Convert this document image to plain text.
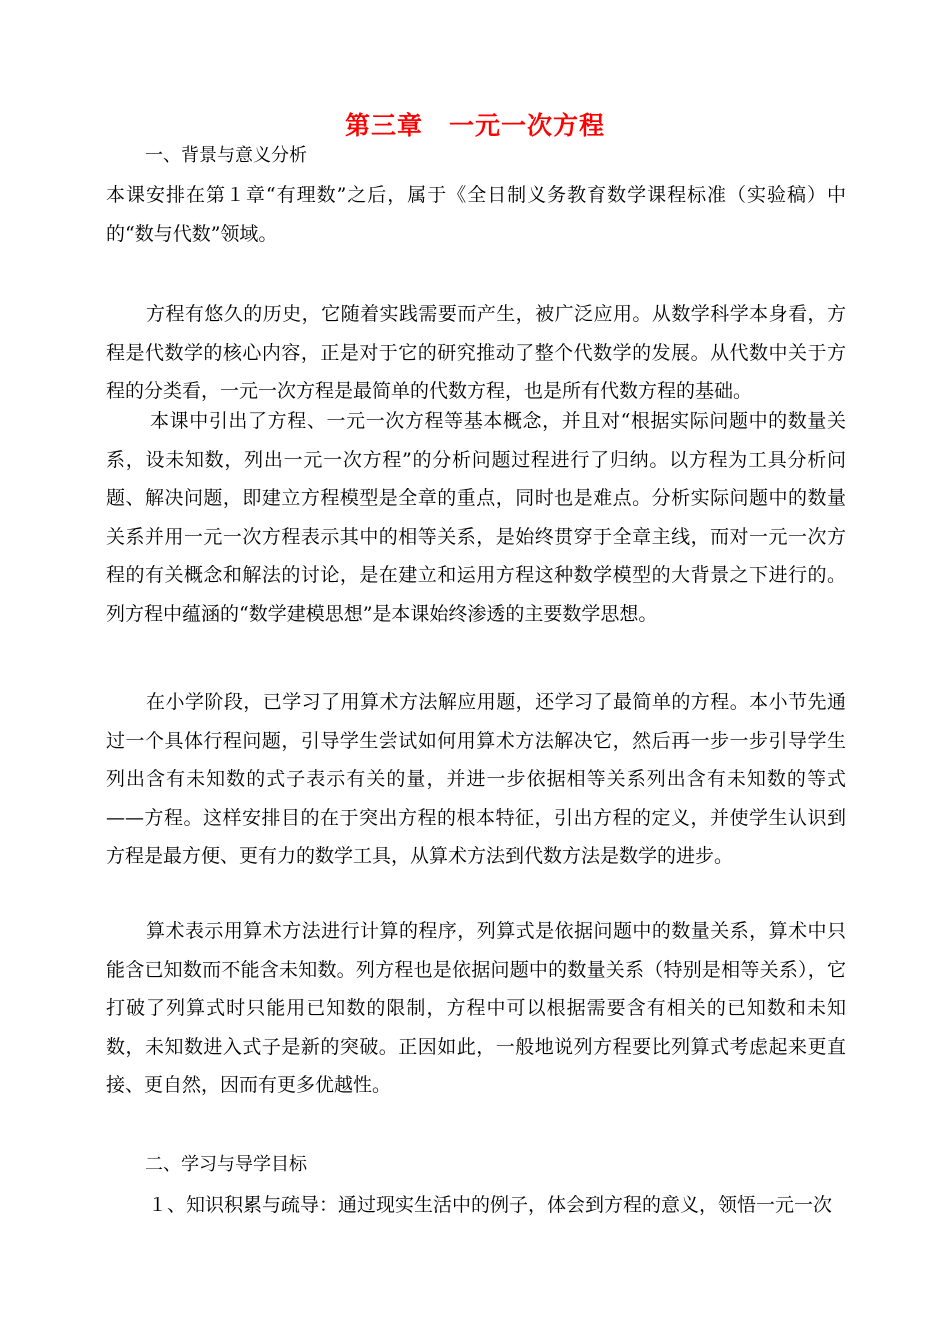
第三章 一元一次方程
一、背景与意义分析
本课安排在第１章“有理数”之后，属于《全日制义务教育数学课程标准（实验稿）中的“数与代数”领域。
方程有悠久的历史，它随着实践需要而产生，被广泛应用。从数学科学本身看，方程是代数学的核心内容，正是对于它的研究推动了整个代数学的发展。从代数中关于方程的分类看，一元一次方程是最简单的代数方程，也是所有代数方程的基础。
本课中引出了方程、一元一次方程等基本概念，并且对“根据实际问题中的数量关系，设未知数，列出一元一次方程”的分析问题过程进行了归纳。以方程为工具分析问题、解决问题，即建立方程模型是全章的重点，同时也是难点。分析实际问题中的数量关系并用一元一次方程表示其中的相等关系，是始终贯穿于全章主线，而对一元一次方程的有关概念和解法的讨论，是在建立和运用方程这种数学模型的大背景之下进行的。列方程中蕴涵的“数学建模思想”是本课始终渗透的主要数学思想。
在小学阶段，已学习了用算术方法解应用题，还学习了最简单的方程。本小节先通过一个具体行程问题，引导学生尝试如何用算术方法解决它，然后再一步一步引导学生列出含有未知数的式子表示有关的量，并进一步依据相等关系列出含有未知数的等式——方程。这样安排目的在于突出方程的根本特征，引出方程的定义，并使学生认识到方程是最方便、更有力的数学工具，从算术方法到代数方法是数学的进步。
算术表示用算术方法进行计算的程序，列算式是依据问题中的数量关系，算术中只能含已知数而不能含未知数。列方程也是依据问题中的数量关系（特别是相等关系），它打破了列算式时只能用已知数的限制，方程中可以根据需要含有相关的已知数和未知数，未知数进入式子是新的突破。正因如此，一般地说列方程要比列算式考虑起来更直接、更自然，因而有更多优越性。
二、学习与导学目标
１、知识积累与疏导：通过现实生活中的例子，体会到方程的意义，领悟一元一次
